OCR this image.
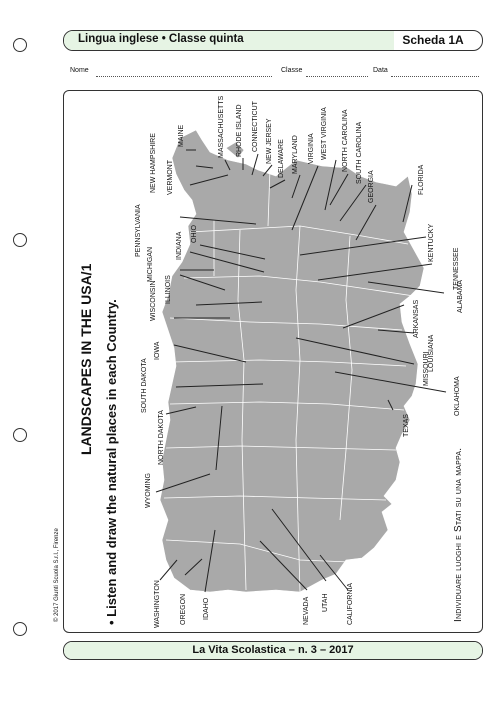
Lingua inglese • Classe quinta	Scheda 1A
Nome	Classe	Data
© 2017 Giunti Scuola S.r.l., Firenze
LANDSCAPES IN THE USA/1 • Listen and draw the natural places in each Country.	Individuare luoghi e Stati su una mappa.
MAINE	MASSACHUSETTS RHODE ISLAND CONNECTICUT NEW JERSEY DELAWARE MARYLAND VIRGINIA WEST VIRGINIA NORTH CAROLINA SOUTH CAROLINA
GEORGIA	FLORIDA
NEW HAMPSHIRE VERMONT
PENNSYLVANIA	OHIO
INDIANA
MICHIGAN
ILLINOIS
WISCONSIN
IOWA
SOUTH DAKOTA
NORTH DAKOTA
WYOMING
WASHINGTON	OREGON IDAHO	NEVADA UTAH	CALIFORNIA
KENTUCKY
TENNESSEE
ALABAMA
ARKANSAS
LOUISIANA
MISSOURI
OKLAHOMA
TEXAS
La Vita Scolastica – n. 3 – 2017
